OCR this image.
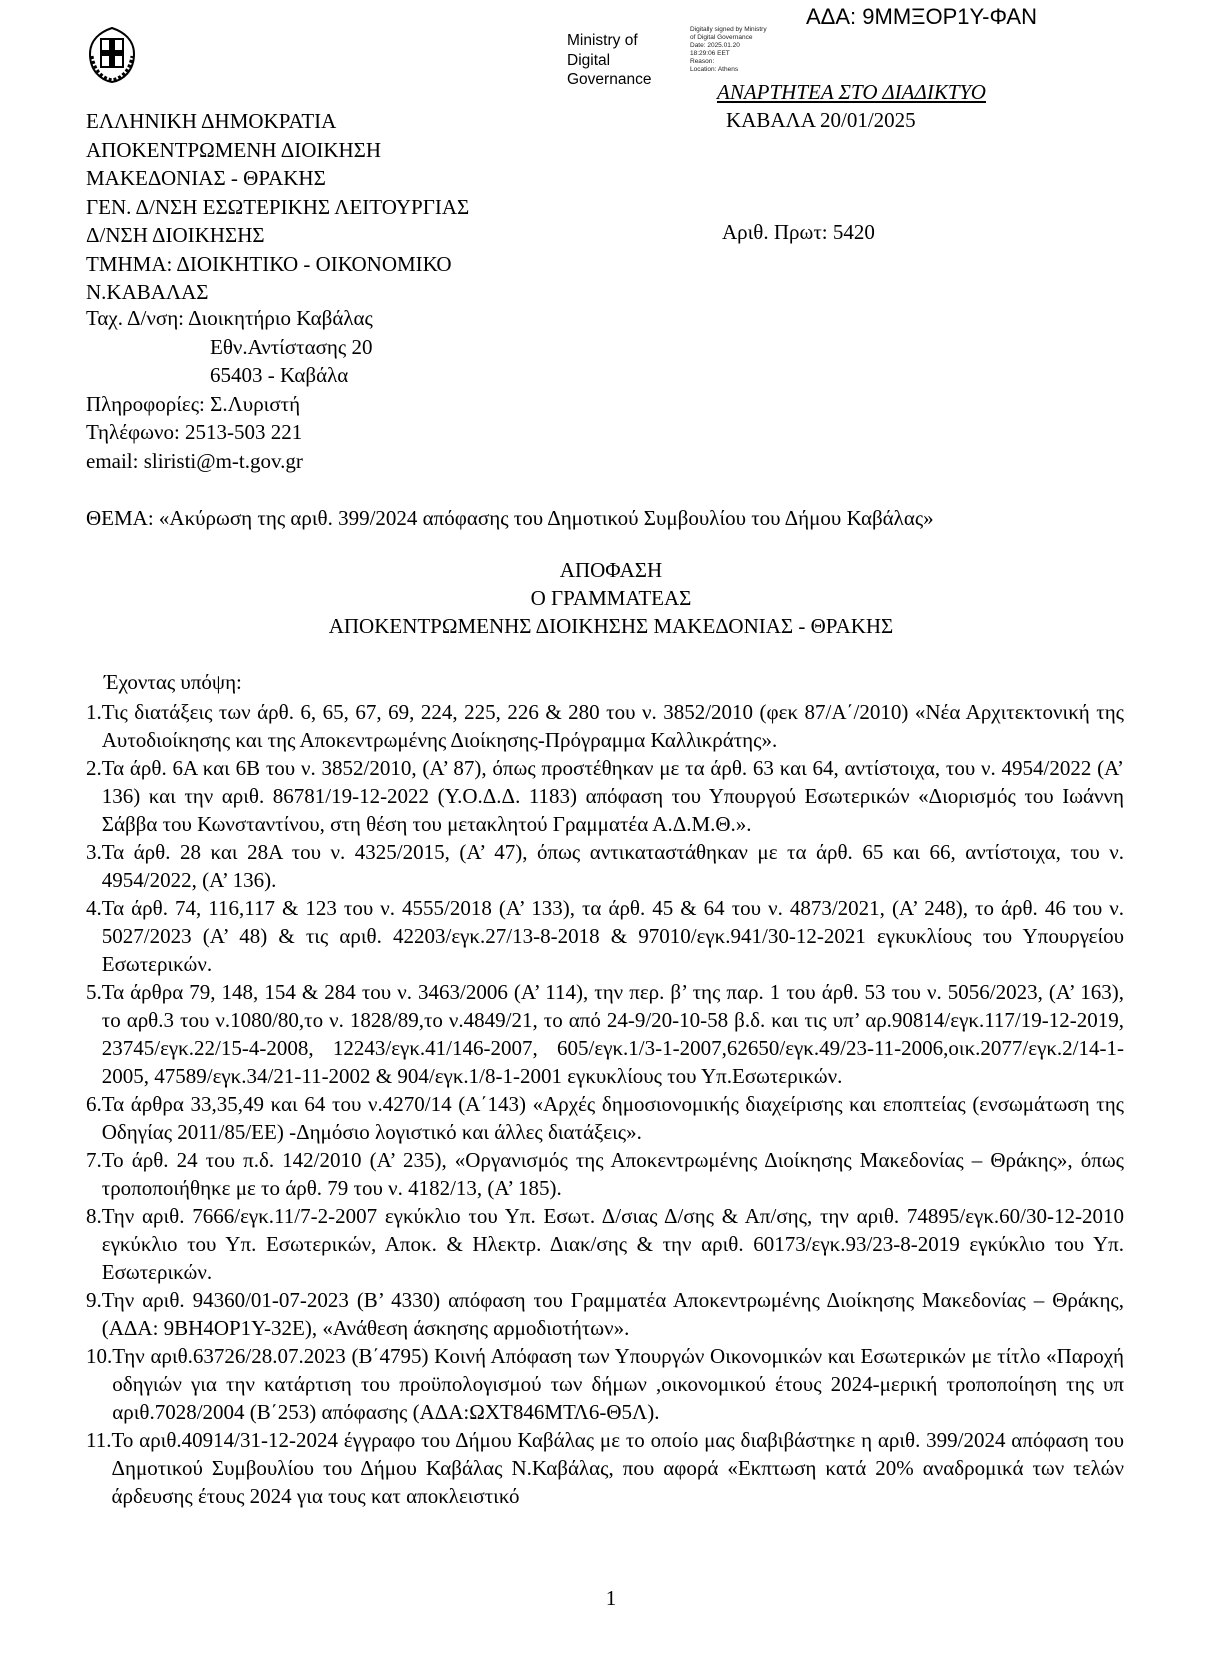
ΑΔΑ: 9ΜΜΞΟΡ1Υ-ΦΑΝ
Ministry of
Digital
Governance
Digitally signed by Ministry
of Digital Governance
Date: 2025.01.20
18:29:06 EET
Reason:
Location: Athens
ΑΝΑΡΤΗΤΕΑ ΣΤΟ ΔΙΑΔΙΚΤΥΟ
ΚΑΒΑΛΑ 20/01/2025
ΕΛΛΗΝΙΚΗ ΔΗΜΟΚΡΑΤΙΑ
ΑΠΟΚΕΝΤΡΩΜΕΝΗ ΔΙΟΙΚΗΣΗ
ΜΑΚΕΔΟΝΙΑΣ - ΘΡΑΚΗΣ
ΓΕΝ. Δ/ΝΣΗ ΕΣΩΤΕΡΙΚΗΣ ΛΕΙΤΟΥΡΓΙΑΣ
Δ/ΝΣΗ ΔΙΟΙΚΗΣΗΣ
ΤΜΗΜΑ: ΔΙΟΙΚΗΤΙΚΟ - ΟΙΚΟΝΟΜΙΚΟ
Ν.ΚΑΒΑΛΑΣ
Αριθ. Πρωτ: 5420
Ταχ. Δ/νση: Διοικητήριο Καβάλας
Εθν.Αντίστασης 20
65403 - Καβάλα
Πληροφορίες: Σ.Λυριστή
Τηλέφωνο: 2513-503 221
email: sliristi@m-t.gov.gr
ΘΕΜΑ: «Ακύρωση της αριθ. 399/2024 απόφασης του Δημοτικού Συμβουλίου του Δήμου Καβάλας»
ΑΠΟΦΑΣΗ
Ο ΓΡΑΜΜΑΤΕΑΣ
ΑΠΟΚΕΝΤΡΩΜΕΝΗΣ ΔΙΟΙΚΗΣΗΣ ΜΑΚΕΔΟΝΙΑΣ - ΘΡΑΚΗΣ
Έχοντας υπόψη:
1. Τις διατάξεις των άρθ. 6, 65, 67, 69, 224, 225, 226 & 280 του ν. 3852/2010 (φεκ 87/Α΄/2010) «Νέα Αρχιτεκτονική της Αυτοδιοίκησης και της Αποκεντρωμένης Διοίκησης-Πρόγραμμα Καλλικράτης».
2. Τα άρθ. 6Α και 6Β του ν. 3852/2010, (Α’ 87), όπως προστέθηκαν με τα άρθ. 63 και 64, αντίστοιχα, του ν. 4954/2022 (Α’ 136) και την αριθ. 86781/19-12-2022 (Υ.Ο.Δ.Δ. 1183) απόφαση του Υπουργού Εσωτερικών «Διορισμός του Ιωάννη Σάββα του Κωνσταντίνου, στη θέση του μετακλητού Γραμματέα Α.Δ.Μ.Θ.».
3. Τα άρθ. 28 και 28Α του ν. 4325/2015, (Α’ 47), όπως αντικαταστάθηκαν με τα άρθ. 65 και 66, αντίστοιχα, του ν. 4954/2022, (Α’ 136).
4. Τα άρθ. 74, 116,117 & 123 του ν. 4555/2018 (Α’ 133), τα άρθ. 45 & 64 του ν. 4873/2021, (Α’ 248), το άρθ. 46 του ν. 5027/2023 (Α’ 48) & τις αριθ. 42203/εγκ.27/13-8-2018 & 97010/εγκ.941/30-12-2021 εγκυκλίους του Υπουργείου Εσωτερικών.
5. Τα άρθρα 79, 148, 154 & 284 του ν. 3463/2006 (Α’ 114), την περ. β’ της παρ. 1 του άρθ. 53 του ν. 5056/2023, (Α’ 163), το αρθ.3 του ν.1080/80,το ν. 1828/89,το ν.4849/21, το από 24-9/20-10-58 β.δ. και τις υπ’ αρ.90814/εγκ.117/19-12-2019, 23745/εγκ.22/15-4-2008, 12243/εγκ.41/146-2007, 605/εγκ.1/3-1-2007,62650/εγκ.49/23-11-2006,οικ.2077/εγκ.2/14-1-2005, 47589/εγκ.34/21-11-2002 & 904/εγκ.1/8-1-2001 εγκυκλίους του Υπ.Εσωτερικών.
6. Τα άρθρα 33,35,49 και 64 του ν.4270/14 (Α΄143) «Αρχές δημοσιονομικής διαχείρισης και εποπτείας (ενσωμάτωση της Οδηγίας 2011/85/ΕΕ) -Δημόσιο λογιστικό και άλλες διατάξεις».
7. Το άρθ. 24 του π.δ. 142/2010 (Α’ 235), «Οργανισμός της Αποκεντρωμένης Διοίκησης Μακεδονίας – Θράκης», όπως τροποποιήθηκε με το άρθ. 79 του ν. 4182/13, (Α’ 185).
8. Την αριθ. 7666/εγκ.11/7-2-2007 εγκύκλιο του Υπ. Εσωτ. Δ/σιας Δ/σης & Απ/σης, την αριθ. 74895/εγκ.60/30-12-2010 εγκύκλιο του Υπ. Εσωτερικών, Αποκ. & Ηλεκτρ. Διακ/σης & την αριθ. 60173/εγκ.93/23-8-2019 εγκύκλιο του Υπ. Εσωτερικών.
9. Την αριθ. 94360/01-07-2023 (Β’ 4330) απόφαση του Γραμματέα Αποκεντρωμένης Διοίκησης Μακεδονίας – Θράκης, (ΑΔΑ: 9ΒΗ4ΟΡ1Υ-32Ε), «Ανάθεση άσκησης αρμοδιοτήτων».
10. Την αριθ.63726/28.07.2023 (Β΄4795) Κοινή Απόφαση των Υπουργών Οικονομικών και Εσωτερικών με τίτλο «Παροχή οδηγιών για την κατάρτιση του προϋπολογισμού των δήμων ,οικονομικού έτους 2024-μερική τροποποίηση της υπ αριθ.7028/2004 (Β΄253) απόφασης (ΑΔΑ:ΩΧΤ846ΜΤΛ6-Θ5Λ).
11. Το αριθ.40914/31-12-2024 έγγραφο του Δήμου Καβάλας με το οποίο μας διαβιβάστηκε η αριθ. 399/2024 απόφαση του Δημοτικού Συμβουλίου του Δήμου Καβάλας Ν.Καβάλας, που αφορά «Εκπτωση κατά 20% αναδρομικά των τελών άρδευσης έτους 2024 για τους κατ αποκλειστικό
1
